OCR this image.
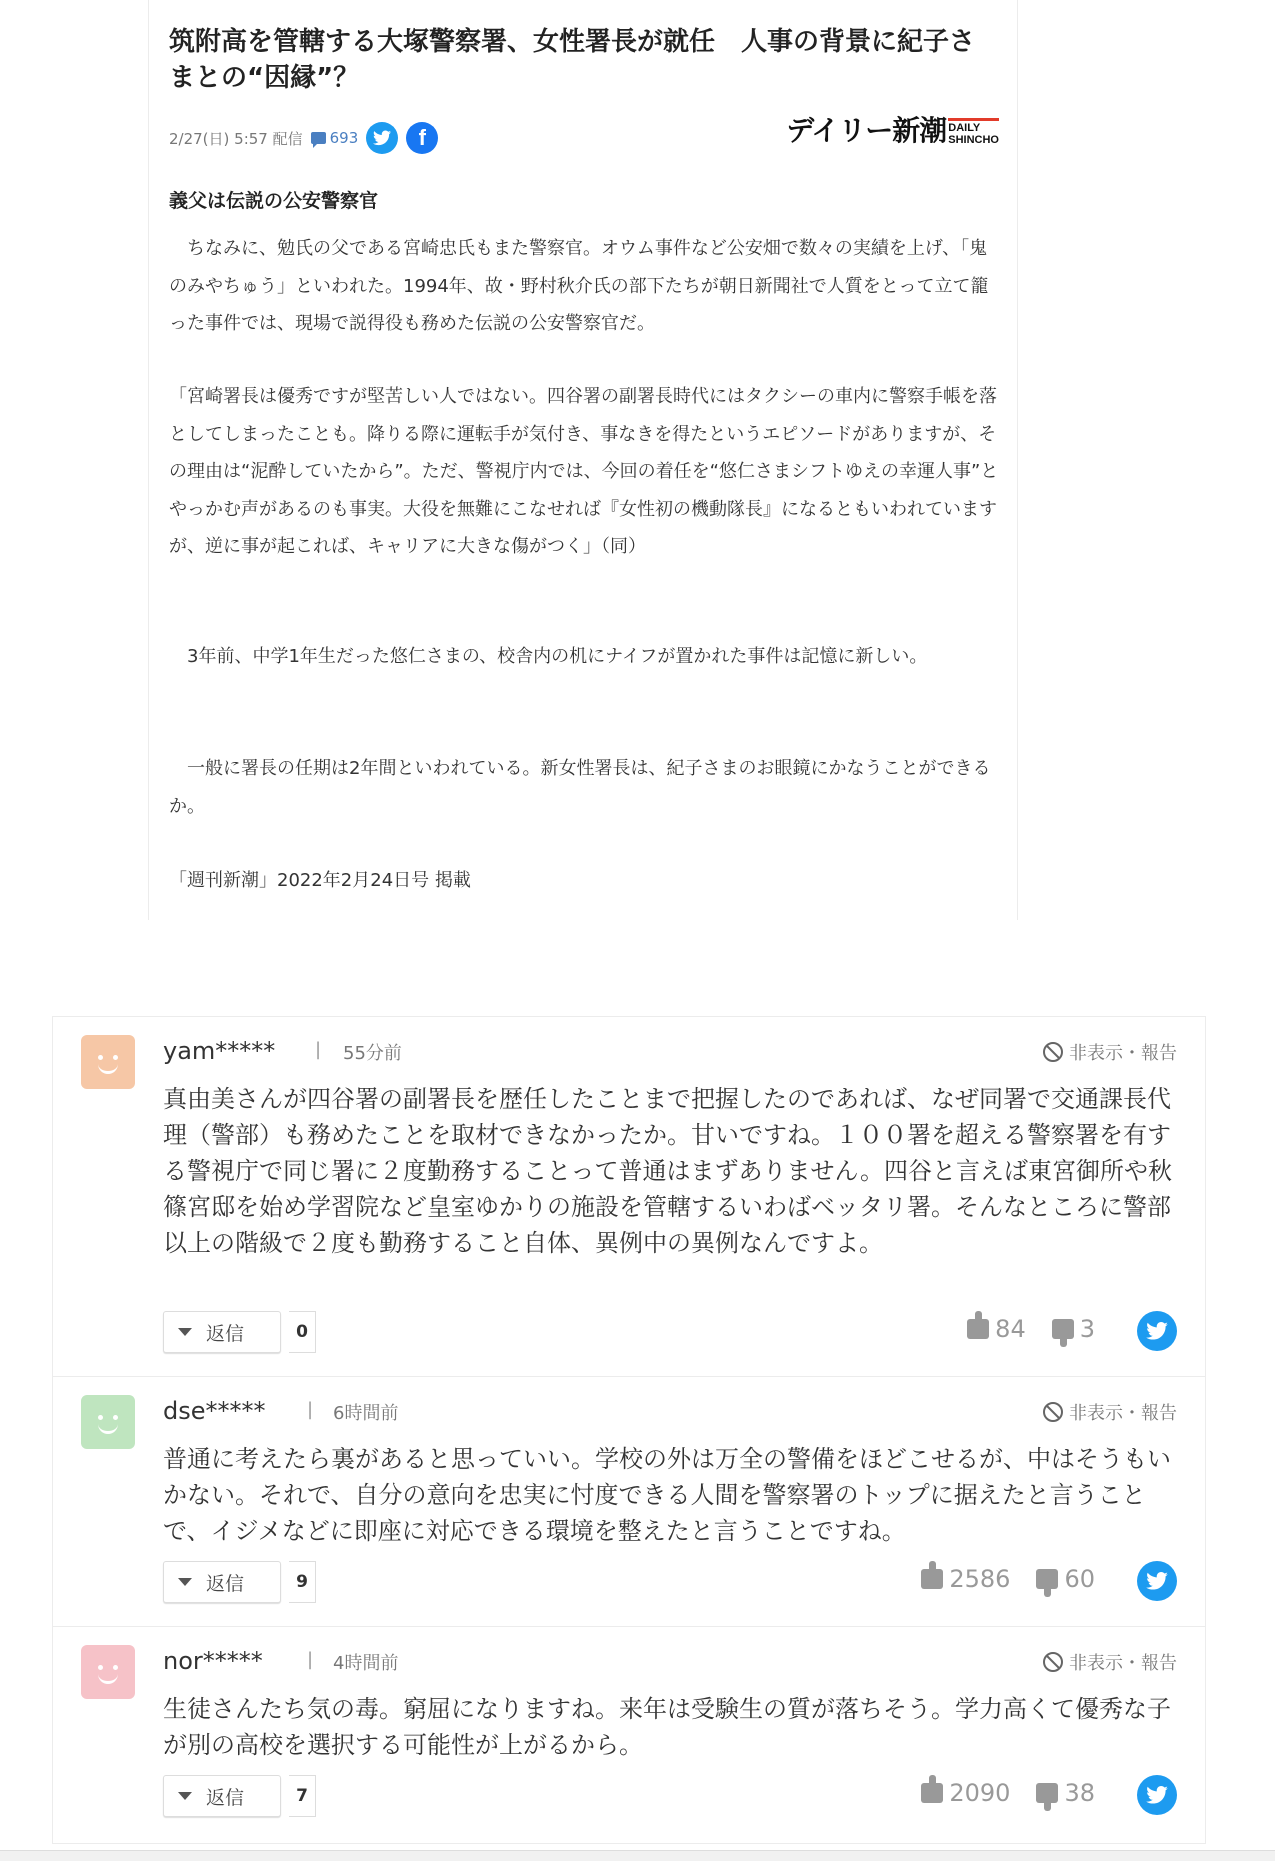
筑附高を管轄する大塚警察署、女性署長が就任　人事の背景に紀子さまとの“因縁”？
2/27(日) 5:57 配信 693	f	デイリー新潮 DAILY
SHINCHO
義父は伝説の公安警察官
　ちなみに、勉氏の父である宮崎忠氏もまた警察官。オウム事件など公安畑で数々の実績を上げ、「鬼のみやちゅう」といわれた。1994年、故・野村秋介氏の部下たちが朝日新聞社で人質をとって立て籠った事件では、現場で説得役も務めた伝説の公安警察官だ。
「宮崎署長は優秀ですが堅苦しい人ではない。四谷署の副署長時代にはタクシーの車内に警察手帳を落としてしまったことも。降りる際に運転手が気付き、事なきを得たというエピソードがありますが、その理由は“泥酔していたから”。ただ、警視庁内では、今回の着任を“悠仁さまシフトゆえの幸運人事”とやっかむ声があるのも事実。大役を無難にこなせれば『女性初の機動隊長』になるともいわれていますが、逆に事が起これば、キャリアに大きな傷がつく」（同）
　3年前、中学1年生だった悠仁さまの、校舎内の机にナイフが置かれた事件は記憶に新しい。
　一般に署長の任期は2年間といわれている。新女性署長は、紀子さまのお眼鏡にかなうことができるか。
「週刊新潮」2022年2月24日号 掲載
yam***** | 55分前	非表示・報告
真由美さんが四谷署の副署長を歴任したことまで把握したのであれば、なぜ同署で交通課長代理（警部）も務めたことを取材できなかったか。甘いですね。１００署を超える警察署を有する警視庁で同じ署に２度勤務することって普通はまずありません。四谷と言えば東宮御所や秋篠宮邸を始め学習院など皇室ゆかりの施設を管轄するいわばベッタリ署。そんなところに警部以上の階級で２度も勤務すること自体、異例中の異例なんですよ。
返信	0	84 3
dse***** | 6時間前	非表示・報告
普通に考えたら裏があると思っていい。学校の外は万全の警備をほどこせるが、中はそうもいかない。それで、自分の意向を忠実に忖度できる人間を警察署のトップに据えたと言うことで、イジメなどに即座に対応できる環境を整えたと言うことですね。
返信	9	2586 60
nor***** | 4時間前	非表示・報告
生徒さんたち気の毒。窮屈になりますね。来年は受験生の質が落ちそう。学力高くて優秀な子が別の高校を選択する可能性が上がるから。
返信	7	2090 38
